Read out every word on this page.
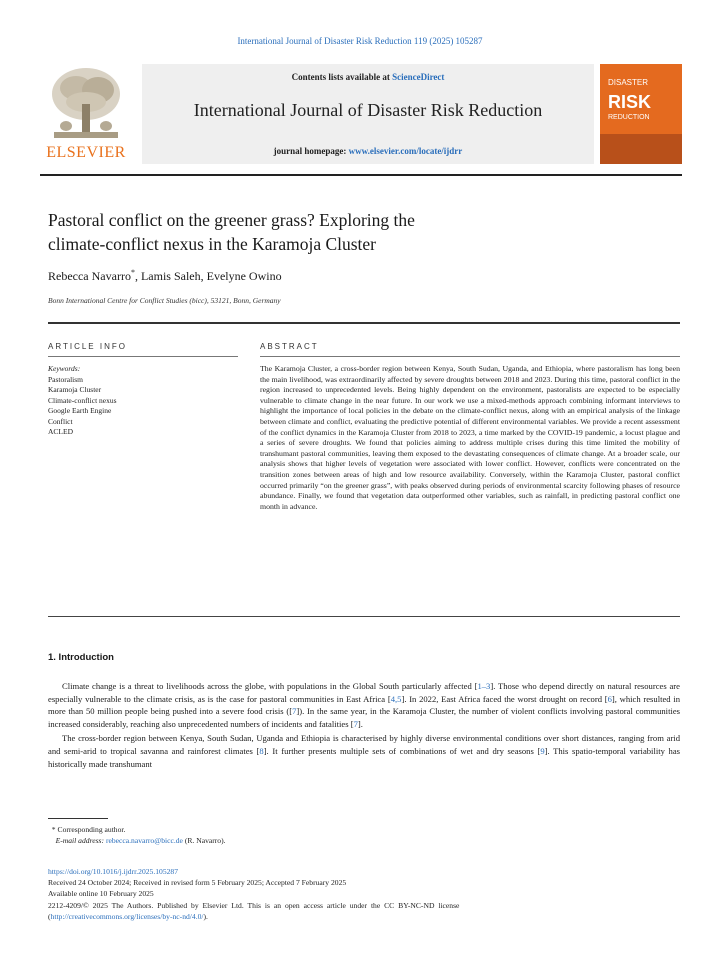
International Journal of Disaster Risk Reduction 119 (2025) 105287
ELSEVIER
Contents lists available at ScienceDirect
International Journal of Disaster Risk Reduction
journal homepage: www.elsevier.com/locate/ijdrr
DISASTER
RISK
REDUCTION
Pastoral conflict on the greener grass? Exploring the
climate-conflict nexus in the Karamoja Cluster
Rebecca Navarro*, Lamis Saleh, Evelyne Owino
Bonn International Centre for Conflict Studies (bicc), 53121, Bonn, Germany
ARTICLE INFO	ABSTRACT
Keywords:
Pastoralism
Karamoja Cluster
Climate-conflict nexus
Google Earth Engine
Conflict
ACLED
The Karamoja Cluster, a cross-border region between Kenya, South Sudan, Uganda, and Ethiopia, where pastoralism has long been the main livelihood, was extraordinarily affected by severe droughts between 2018 and 2023. During this time, pastoral conflict in the region increased to unprecedented levels. Being highly dependent on the environment, pastoralists are expected to be especially vulnerable to climate change in the near future. In our work we use a mixed-methods approach combining informant interviews to highlight the importance of local policies in the debate on the climate-conflict nexus, along with an empirical analysis of the linkage between climate and conflict, evaluating the predictive potential of different environmental variables. We provide a recent assessment of the conflict dynamics in the Karamoja Cluster from 2018 to 2023, a time marked by the COVID-19 pandemic, a locust plague and a series of severe droughts. We found that policies aiming to address multiple crises during this time limited the mobility of transhumant pastoral communities, leaving them exposed to the devastating consequences of climate change. At a broader scale, our analysis shows that higher levels of vegetation were associated with lower conflict. However, conflicts were concentrated on the transition zones between areas of high and low resource availability. Conversely, within the Karamoja Cluster, pastoral conflict occurred primarily “on the greener grass”, with peaks observed during periods of environmental scarcity following phases of resource abundance. Finally, we found that vegetation data outperformed other variables, such as rainfall, in predicting pastoral conflict one month in advance.
1. Introduction

Climate change is a threat to livelihoods across the globe, with populations in the Global South particularly affected [1–3]. Those who depend directly on natural resources are especially vulnerable to the climate crisis, as is the case for pastoral communities in East Africa [4,5]. In 2022, East Africa faced the worst drought on record [6], which resulted in more than 50 million people being pushed into a severe food crisis ([7]). In the same year, in the Karamoja Cluster, the number of violent conflicts involving pastoral communities increased considerably, reaching also unprecedented numbers of incidents and fatalities [7].

The cross-border region between Kenya, South Sudan, Uganda and Ethiopia is characterised by highly diverse environmental conditions over short distances, ranging from arid and semi-arid to tropical savanna and rainforest climates [8]. It further presents multiple sets of combinations of wet and dry seasons [9]. This spatio-temporal variability has historically made transhumant

* Corresponding author.
E-mail address: rebecca.navarro@bicc.de (R. Navarro).
https://doi.org/10.1016/j.ijdrr.2025.105287
Received 24 October 2024; Received in revised form 5 February 2025; Accepted 7 February 2025
Available online 10 February 2025
2212-4209/© 2025 The Authors. Published by Elsevier Ltd. This is an open access article under the CC BY-NC-ND license
(http://creativecommons.org/licenses/by-nc-nd/4.0/).
